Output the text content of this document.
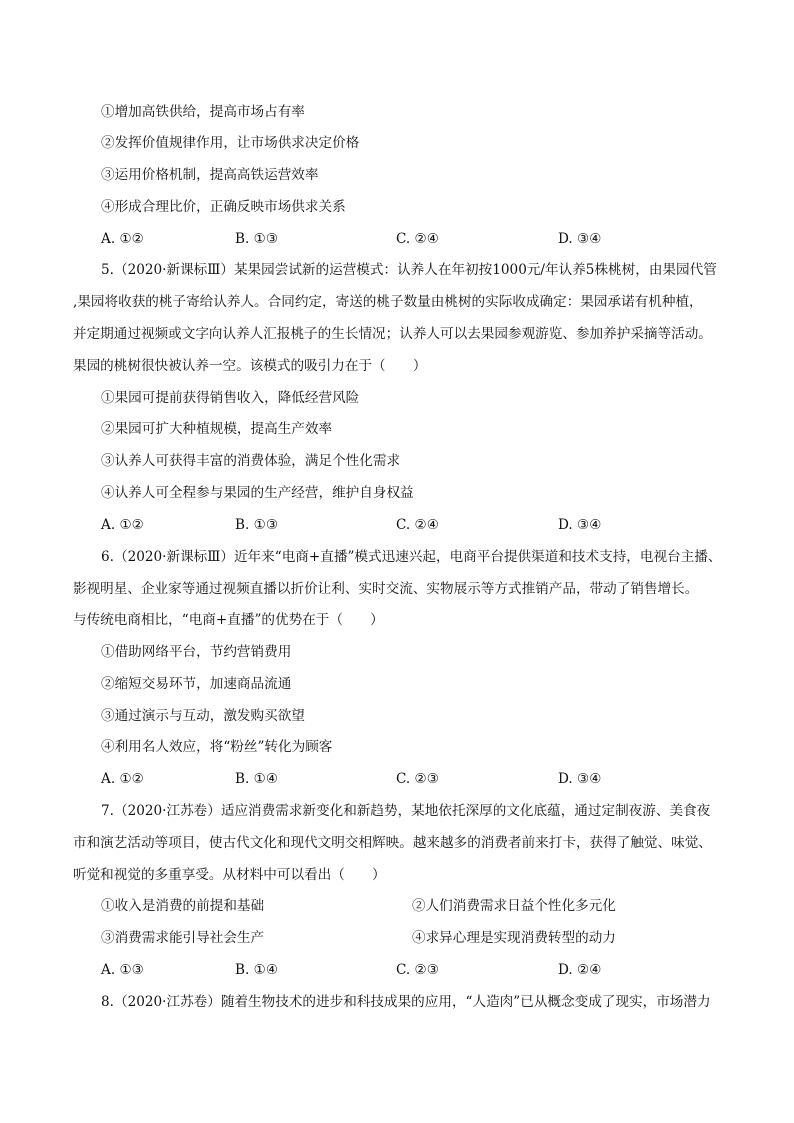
①增加高铁供给，提高市场占有率
②发挥价值规律作用，让市场供求决定价格
③运用价格机制，提高高铁运营效率
④形成合理比价，正确反映市场供求关系
A. ①②	B. ①③	C. ②④	D. ③④
5.（2020·新课标Ⅲ）某果园尝试新的运营模式：认养人在年初按1000元/年认养5株桃树，由果园代管
,果园将收获的桃子寄给认养人。合同约定，寄送的桃子数量由桃树的实际收成确定：果园承诺有机种植，
并定期通过视频或文字向认养人汇报桃子的生长情况；认养人可以去果园参观游览、参加养护采摘等活动。
果园的桃树很快被认养一空。该模式的吸引力在于（　　）
①果园可提前获得销售收入，降低经营风险
②果园可扩大种植规模，提高生产效率
③认养人可获得丰富的消费体验，满足个性化需求
④认养人可全程参与果园的生产经营，维护自身权益
A. ①②	B. ①③	C. ②④	D. ③④
6.（2020·新课标Ⅲ）近年来“电商+直播”模式迅速兴起，电商平台提供渠道和技术支持，电视台主播、
影视明星、企业家等通过视频直播以折价让利、实时交流、实物展示等方式推销产品，带动了销售增长。
与传统电商相比，“电商+直播”的优势在于（　　）
①借助网络平台，节约营销费用
②缩短交易环节，加速商品流通
③通过演示与互动，激发购买欲望
④利用名人效应，将“粉丝”转化为顾客
A. ①②	B. ①④	C. ②③	D. ③④
7.（2020·江苏卷）适应消费需求新变化和新趋势，某地依托深厚的文化底蕴，通过定制夜游、美食夜
市和演艺活动等项目，使古代文化和现代文明交相辉映。越来越多的消费者前来打卡，获得了触觉、味觉、
听觉和视觉的多重享受。从材料中可以看出（　　）
①收入是消费的前提和基础	②人们消费需求日益个性化多元化
③消费需求能引导社会生产	④求异心理是实现消费转型的动力
A. ①③	B. ①④	C. ②③	D. ②④
8.（2020·江苏卷）随着生物技术的进步和科技成果的应用，“人造肉”已从概念变成了现实，市场潜力
